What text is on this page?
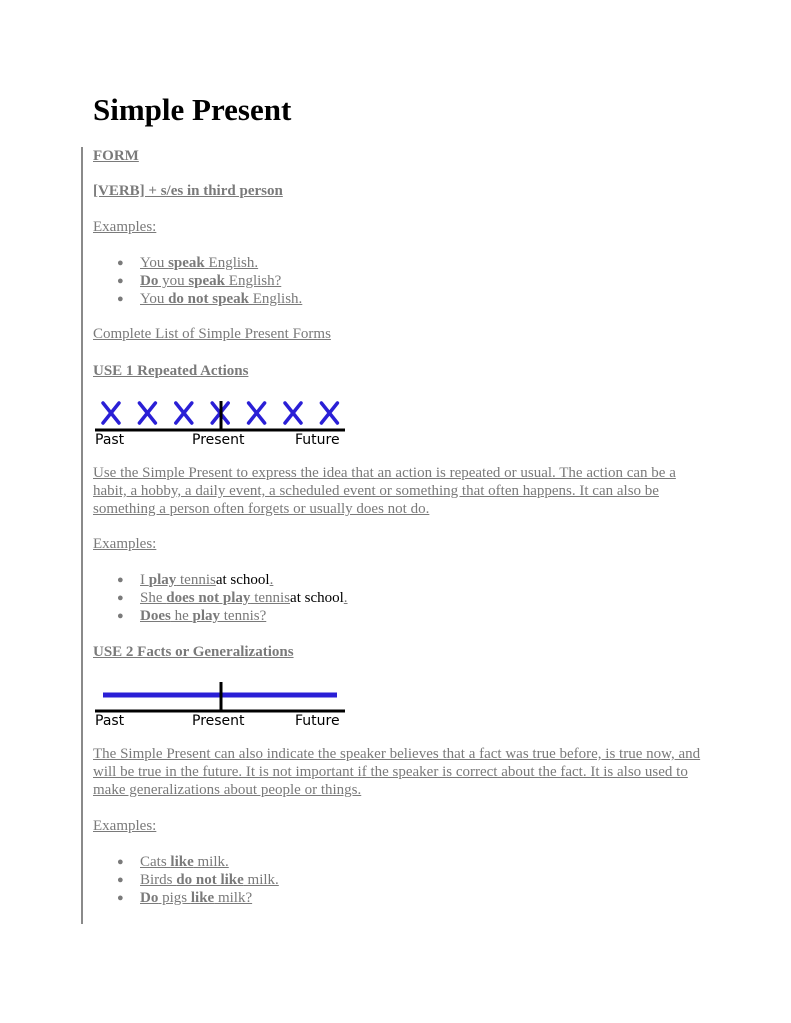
Simple Present
FORM
[VERB] + s/es in third person
Examples:
● You speak English.
● Do you speak English?
● You do not speak English.
Complete List of Simple Present Forms
USE 1 Repeated Actions
Past	Present	Future
Use the Simple Present to express the idea that an action is repeated or usual. The action can be a habit, a hobby, a daily event, a scheduled event or something that often happens. It can also be something a person often forgets or usually does not do.
Examples:
● I play tennisat school.
● She does not play tennisat school.
● Does he play tennis?
USE 2 Facts or Generalizations
Past	Present	Future
The Simple Present can also indicate the speaker believes that a fact was true before, is true now, and will be true in the future. It is not important if the speaker is correct about the fact. It is also used to make generalizations about people or things.
Examples:
● Cats like milk.
● Birds do not like milk.
● Do pigs like milk?
